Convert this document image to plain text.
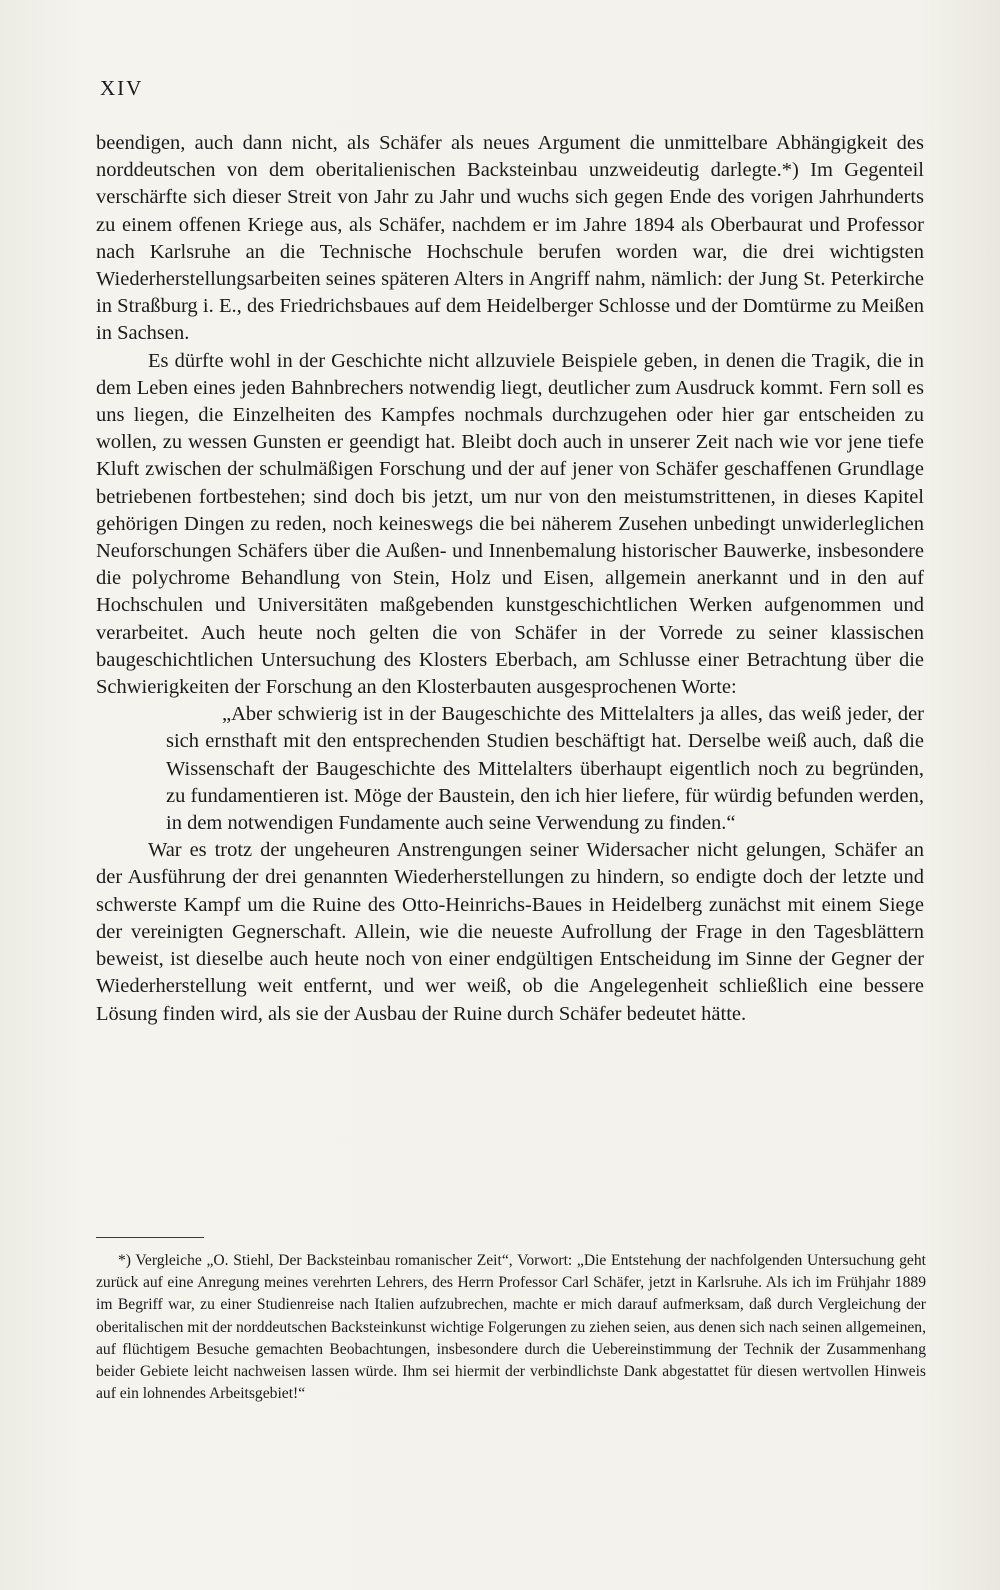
XIV

beendigen, auch dann nicht, als Schäfer als neues Argument die unmittelbare Abhängigkeit des norddeutschen von dem oberitalienischen Backsteinbau unzweideutig darlegte.*) Im Gegenteil verschärfte sich dieser Streit von Jahr zu Jahr und wuchs sich gegen Ende des vorigen Jahrhunderts zu einem offenen Kriege aus, als Schäfer, nachdem er im Jahre 1894 als Oberbaurat und Professor nach Karlsruhe an die Technische Hochschule berufen worden war, die drei wichtigsten Wiederherstellungsarbeiten seines späteren Alters in Angriff nahm, nämlich: der Jung St. Peterkirche in Straßburg i. E., des Friedrichsbaues auf dem Heidelberger Schlosse und der Domtürme zu Meißen in Sachsen.

Es dürfte wohl in der Geschichte nicht allzuviele Beispiele geben, in denen die Tragik, die in dem Leben eines jeden Bahnbrechers notwendig liegt, deutlicher zum Ausdruck kommt. Fern soll es uns liegen, die Einzelheiten des Kampfes nochmals durchzugehen oder hier gar entscheiden zu wollen, zu wessen Gunsten er geendigt hat. Bleibt doch auch in unserer Zeit nach wie vor jene tiefe Kluft zwischen der schulmäßigen Forschung und der auf jener von Schäfer geschaffenen Grundlage betriebenen fortbestehen; sind doch bis jetzt, um nur von den meistumstrittenen, in dieses Kapitel gehörigen Dingen zu reden, noch keineswegs die bei näherem Zusehen unbedingt unwiderleglichen Neuforschungen Schäfers über die Außen- und Innenbemalung historischer Bauwerke, insbesondere die polychrome Behandlung von Stein, Holz und Eisen, allgemein anerkannt und in den auf Hochschulen und Universitäten maßgebenden kunstgeschichtlichen Werken aufgenommen und verarbeitet. Auch heute noch gelten die von Schäfer in der Vorrede zu seiner klassischen baugeschichtlichen Untersuchung des Klosters Eberbach, am Schlusse einer Betrachtung über die Schwierigkeiten der Forschung an den Klosterbauten ausgesprochenen Worte:

„Aber schwierig ist in der Baugeschichte des Mittelalters ja alles, das weiß jeder, der sich ernsthaft mit den entsprechenden Studien beschäftigt hat. Derselbe weiß auch, daß die Wissenschaft der Baugeschichte des Mittelalters überhaupt eigentlich noch zu begründen, zu fundamentieren ist. Möge der Baustein, den ich hier liefere, für würdig befunden werden, in dem notwendigen Fundamente auch seine Verwendung zu finden.“

War es trotz der ungeheuren Anstrengungen seiner Widersacher nicht gelungen, Schäfer an der Ausführung der drei genannten Wiederherstellungen zu hindern, so endigte doch der letzte und schwerste Kampf um die Ruine des Otto-Heinrichs-Baues in Heidelberg zunächst mit einem Siege der vereinigten Gegnerschaft. Allein, wie die neueste Aufrollung der Frage in den Tagesblättern beweist, ist dieselbe auch heute noch von einer endgültigen Entscheidung im Sinne der Gegner der Wiederherstellung weit entfernt, und wer weiß, ob die Angelegenheit schließlich eine bessere Lösung finden wird, als sie der Ausbau der Ruine durch Schäfer bedeutet hätte.

*) Vergleiche „O. Stiehl, Der Backsteinbau romanischer Zeit“, Vorwort: „Die Entstehung der nachfolgenden Untersuchung geht zurück auf eine Anregung meines verehrten Lehrers, des Herrn Professor Carl Schäfer, jetzt in Karlsruhe. Als ich im Frühjahr 1889 im Begriff war, zu einer Studienreise nach Italien aufzubrechen, machte er mich darauf aufmerksam, daß durch Vergleichung der oberitalischen mit der norddeutschen Backsteinkunst wichtige Folgerungen zu ziehen seien, aus denen sich nach seinen allgemeinen, auf flüchtigem Besuche gemachten Beobachtungen, insbesondere durch die Uebereinstimmung der Technik der Zusammenhang beider Gebiete leicht nachweisen lassen würde. Ihm sei hiermit der verbindlichste Dank abgestattet für diesen wertvollen Hinweis auf ein lohnendes Arbeitsgebiet!“
